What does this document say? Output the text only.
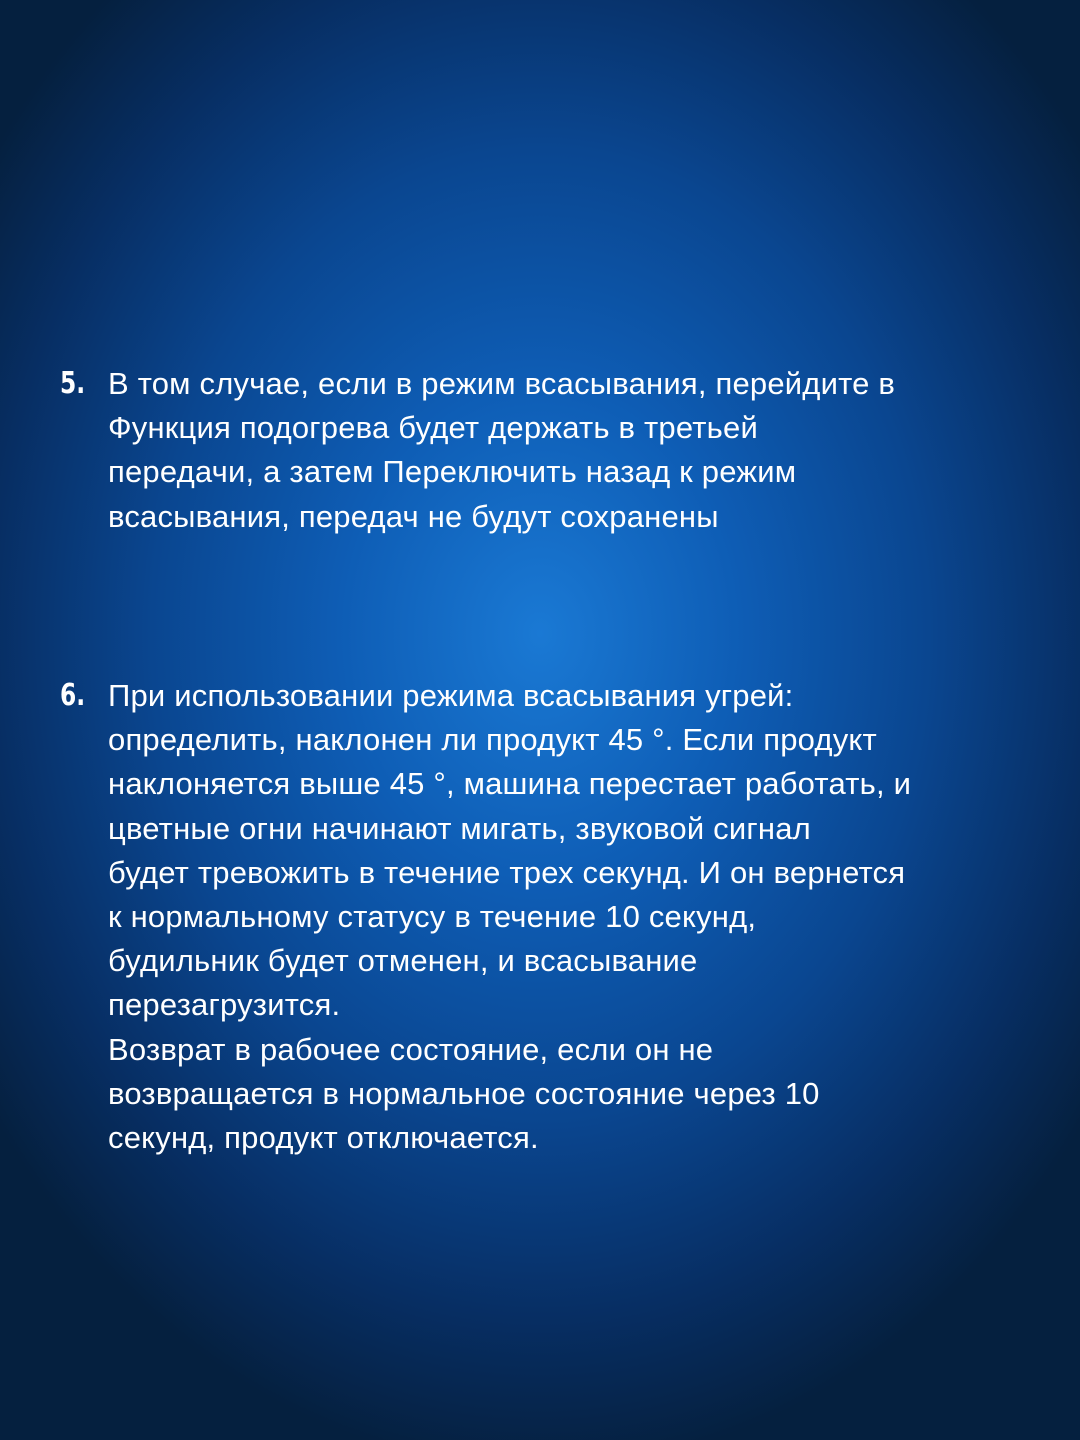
5. В том случае, если в режим всасывания, перейдите в
Функция подогрева будет держать в третьей
передачи, а затем Переключить назад к режим
всасывания, передач не будут сохранены
6. При использовании режима всасывания угрей:
определить, наклонен ли продукт 45 °. Если продукт
наклоняется выше 45 °, машина перестает работать, и
цветные огни начинают мигать, звуковой сигнал
будет тревожить в течение трех секунд. И он вернется
к нормальному статусу в течение 10 секунд,
будильник будет отменен, и всасывание
перезагрузится.
Возврат в рабочее состояние, если он не
возвращается в нормальное состояние через 10
секунд, продукт отключается.
